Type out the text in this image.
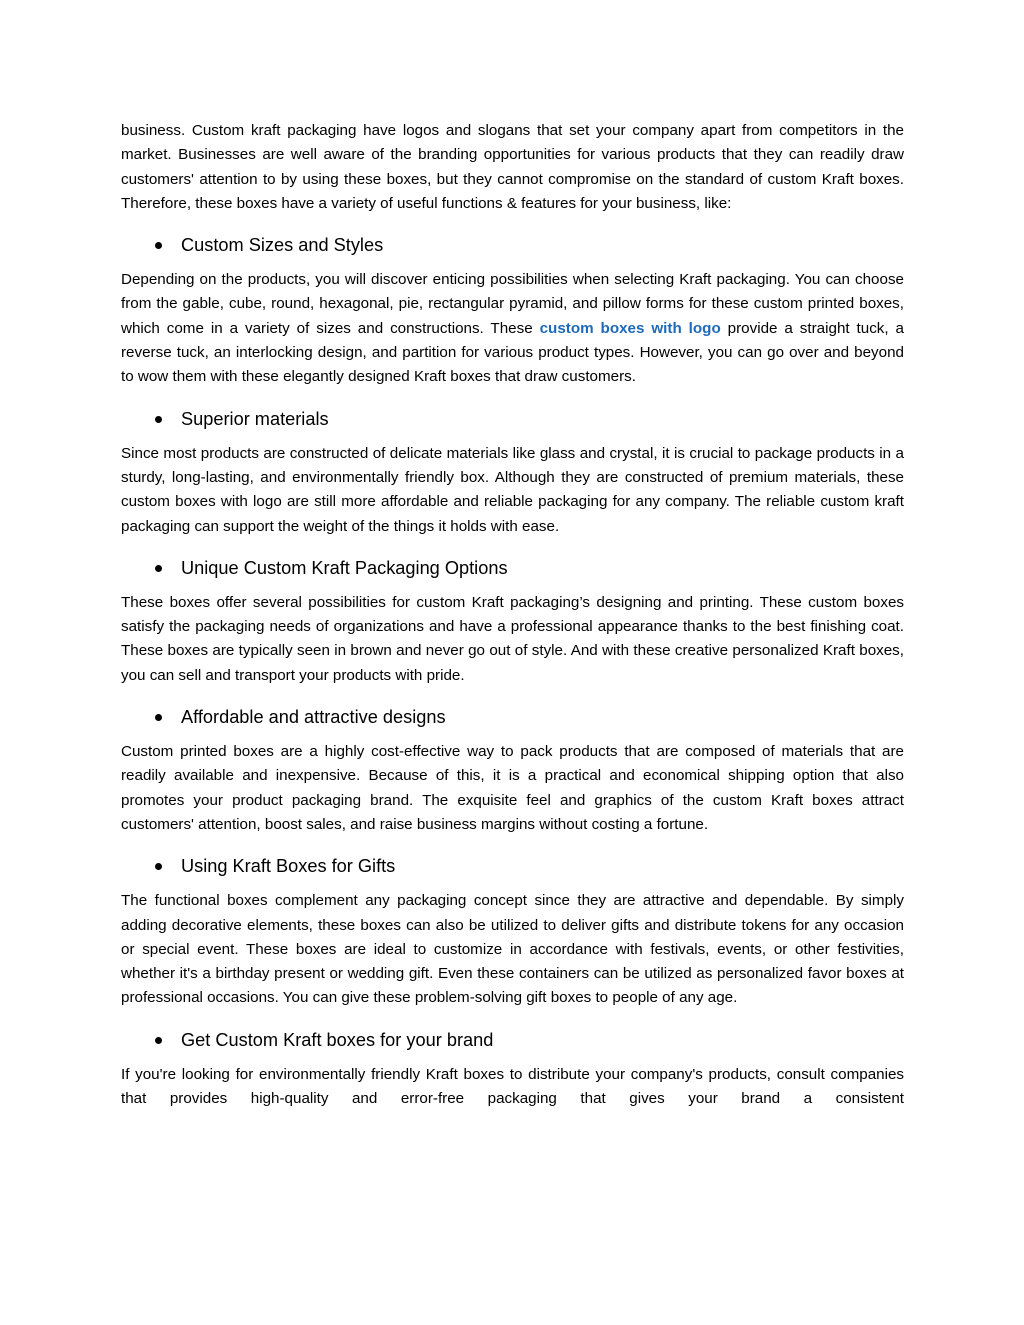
business. Custom kraft packaging have logos and slogans that set your company apart from competitors in the market. Businesses are well aware of the branding opportunities for various products that they can readily draw customers' attention to by using these boxes, but they cannot compromise on the standard of custom Kraft boxes. Therefore, these boxes have a variety of useful functions & features for your business, like:

Custom Sizes and Styles

Depending on the products, you will discover enticing possibilities when selecting Kraft packaging. You can choose from the gable, cube, round, hexagonal, pie, rectangular pyramid, and pillow forms for these custom printed boxes, which come in a variety of sizes and constructions. These custom boxes with logo provide a straight tuck, a reverse tuck, an interlocking design, and partition for various product types. However, you can go over and beyond to wow them with these elegantly designed Kraft boxes that draw customers.

Superior materials

Since most products are constructed of delicate materials like glass and crystal, it is crucial to package products in a sturdy, long-lasting, and environmentally friendly box. Although they are constructed of premium materials, these custom boxes with logo are still more affordable and reliable packaging for any company. The reliable custom kraft packaging can support the weight of the things it holds with ease.

Unique Custom Kraft Packaging Options

These boxes offer several possibilities for custom Kraft packaging’s designing and printing. These custom boxes satisfy the packaging needs of organizations and have a professional appearance thanks to the best finishing coat. These boxes are typically seen in brown and never go out of style. And with these creative personalized Kraft boxes, you can sell and transport your products with pride.

Affordable and attractive designs

Custom printed boxes are a highly cost-effective way to pack products that are composed of materials that are readily available and inexpensive. Because of this, it is a practical and economical shipping option that also promotes your product packaging brand. The exquisite feel and graphics of the custom Kraft boxes attract customers' attention, boost sales, and raise business margins without costing a fortune.

Using Kraft Boxes for Gifts

The functional boxes complement any packaging concept since they are attractive and dependable. By simply adding decorative elements, these boxes can also be utilized to deliver gifts and distribute tokens for any occasion or special event. These boxes are ideal to customize in accordance with festivals, events, or other festivities, whether it's a birthday present or wedding gift. Even these containers can be utilized as personalized favor boxes at professional occasions. You can give these problem-solving gift boxes to people of any age.

Get Custom Kraft boxes for your brand

If you're looking for environmentally friendly Kraft boxes to distribute your company's products, consult companies that provides high-quality and error-free packaging that gives your brand a consistent
